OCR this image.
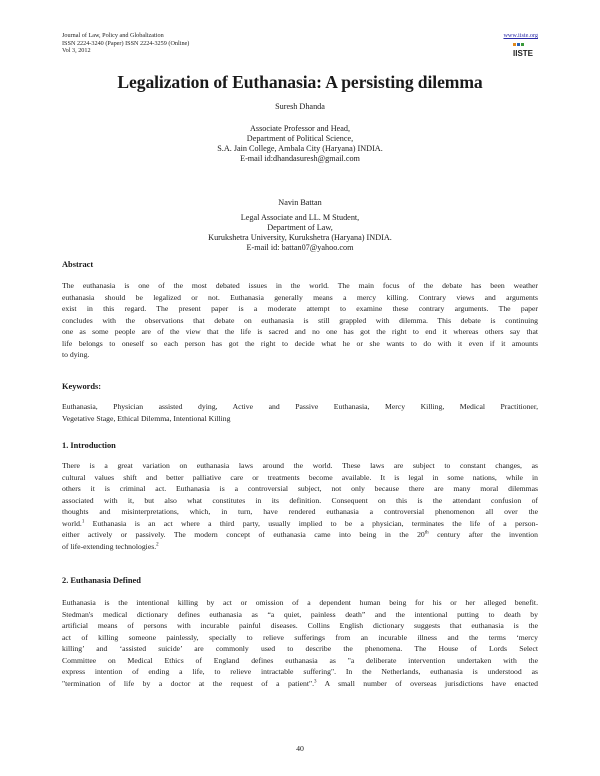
Journal of Law, Policy and Globalization
ISSN 2224-3240 (Paper) ISSN 2224-3259 (Online)
Vol 3, 2012
www.iiste.org
IISTE
Legalization of Euthanasia: A persisting dilemma
Suresh Dhanda
Associate Professor and Head,
Department of Political Science,
S.A. Jain College, Ambala City (Haryana) INDIA.
E-mail id:dhandasuresh@gmail.com
Navin Battan
Legal Associate and LL. M Student,
Department of Law,
Kurukshetra University, Kurukshetra (Haryana) INDIA.
E-mail id: battan07@yahoo.com
Abstract
The euthanasia is one of the most debated issues in the world. The main focus of the debate has been weather
euthanasia should be legalized or not. Euthanasia generally means a mercy killing. Contrary views and arguments
exist in this regard. The present paper is a moderate attempt to examine these contrary arguments. The paper
concludes with the observations that debate on euthanasia is still grappled with dilemma. This debate is continuing
one as some people are of the view that the life is sacred and no one has got the right to end it whereas others say that
life belongs to oneself so each person has got the right to decide what he or she wants to do with it even if it amounts
to dying.
Keywords:
Euthanasia, Physician assisted dying, Active and Passive Euthanasia, Mercy Killing, Medical Practitioner,
Vegetative Stage, Ethical Dilemma, Intentional Killing
1. Introduction
There is a great variation on euthanasia laws around the world. These laws are subject to constant changes, as
cultural values shift and better palliative care or treatments become available. It is legal in some nations, while in
others it is criminal act. Euthanasia is a controversial subject, not only because there are many moral dilemmas
associated with it, but also what constitutes in its definition. Consequent on this is the attendant confusion of
thoughts and misinterpretations, which, in turn, have rendered euthanasia a controversial phenomenon all over the
world.$^1$ Euthanasia is an act where a third party, usually implied to be a physician, terminates the life of a person-
either actively or passively. The modern concept of euthanasia came into being in the 20th century after the invention
of life-extending technologies.$^2$
2. Euthanasia Defined
Euthanasia is the intentional killing by act or omission of a dependent human being for his or her alleged benefit.
Stedman's medical dictionary defines euthanasia as “a quiet, painless death” and the intentional putting to death by
artificial means of persons with incurable painful diseases. Collins English dictionary suggests that euthanasia is the
act of killing someone painlessly, specially to relieve sufferings from an incurable illness and the terms ‘mercy
killing’ and ‘assisted suicide’ are commonly used to describe the phenomena. The House of Lords Select
Committee on Medical Ethics of England defines euthanasia as "a deliberate intervention undertaken with the
express intention of ending a life, to relieve intractable suffering". In the Netherlands, euthanasia is understood as
"termination of life by a doctor at the request of a patient".$^3$ A small number of overseas jurisdictions have enacted
40
